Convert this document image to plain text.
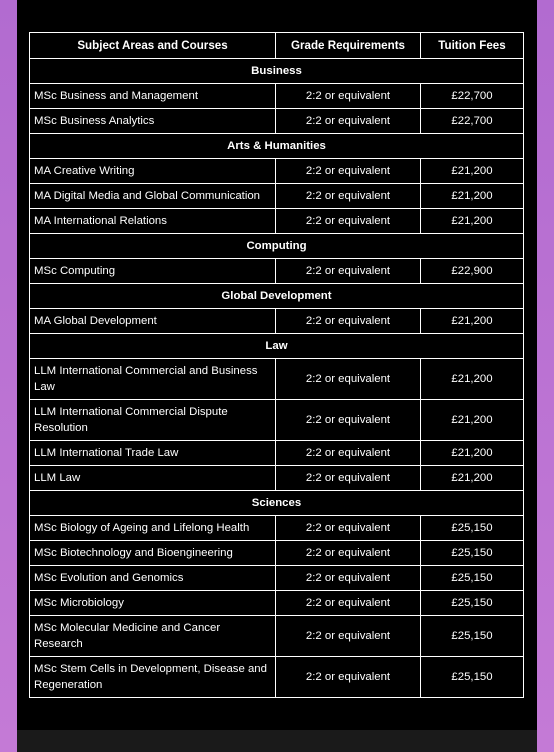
Subject Areas and Courses	Grade Requirements	Tuition Fees
Business		
MSc Business and Management	2:2 or equivalent	£22,700
MSc Business Analytics	2:2 or equivalent	£22,700
Arts & Humanities		
MA Creative Writing	2:2 or equivalent	£21,200
MA Digital Media and Global Communication	2:2 or equivalent	£21,200
MA International Relations	2:2 or equivalent	£21,200
Computing		
MSc Computing	2:2 or equivalent	£22,900
Global Development		
MA Global Development	2:2 or equivalent	£21,200
Law		
LLM International Commercial and Business Law	2:2 or equivalent	£21,200
LLM International Commercial Dispute Resolution	2:2 or equivalent	£21,200
LLM International Trade Law	2:2 or equivalent	£21,200
LLM Law	2:2 or equivalent	£21,200
Sciences		
MSc Biology of Ageing and Lifelong Health	2:2 or equivalent	£25,150
MSc Biotechnology and Bioengineering	2:2 or equivalent	£25,150
MSc Evolution and Genomics	2:2 or equivalent	£25,150
MSc Microbiology	2:2 or equivalent	£25,150
MSc Molecular Medicine and Cancer Research	2:2 or equivalent	£25,150
MSc Stem Cells in Development, Disease and Regeneration	2:2 or equivalent	£25,150
